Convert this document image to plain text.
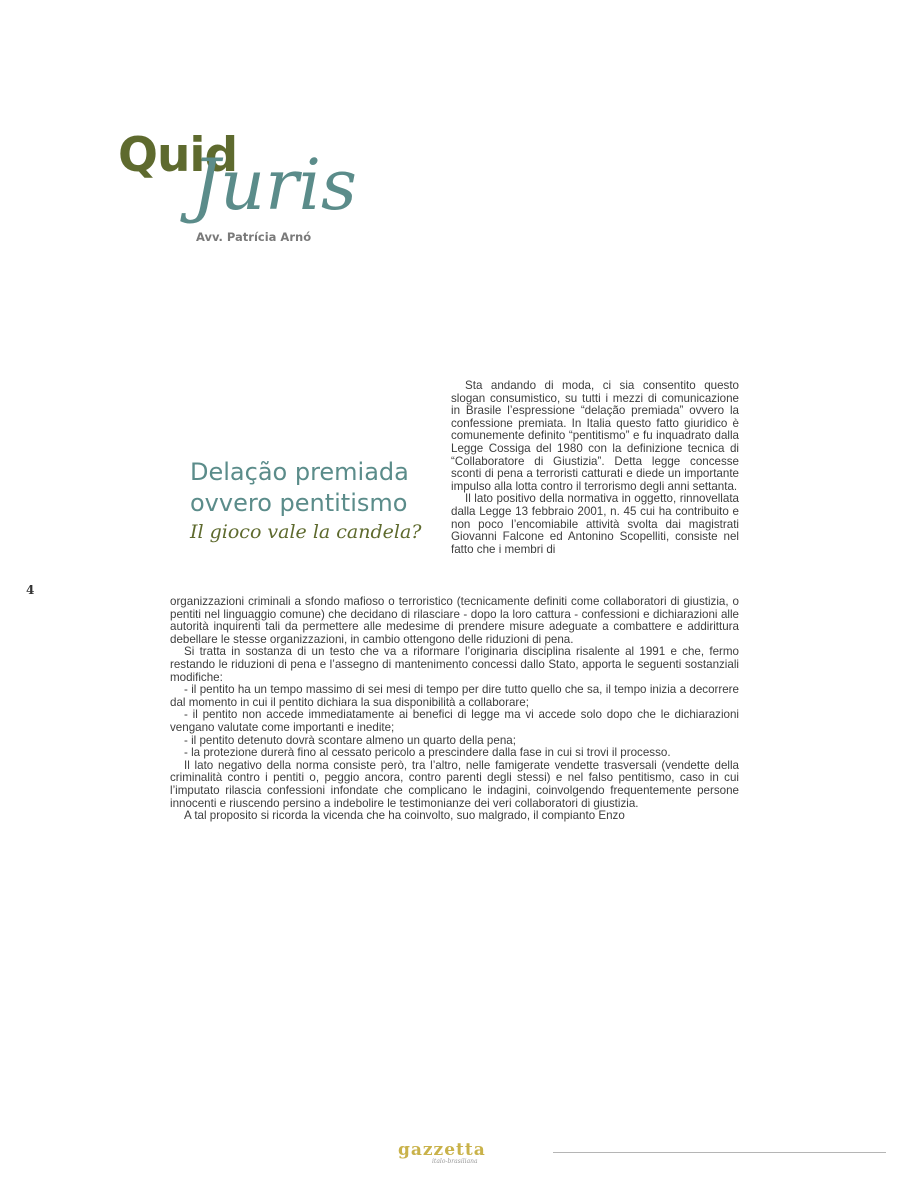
Quid
Juris
Avv. Patrícia Arnó
Delação premiada
ovvero pentitismo
Il gioco vale la candela?
4

Sta andando di moda, ci sia consentito questo slogan consumistico, su tutti i mezzi di comunicazione in Brasile l’espressione “delação premiada” ovvero la confessione premiata. In Italia questo fatto giuridico è comunemente definito “pentitismo” e fu inquadrato dalla Legge Cossiga del 1980 con la definizione tecnica di “Collaboratore di Giustizia”. Detta legge concesse sconti di pena a terroristi catturati e diede un importante impulso alla lotta contro il terrorismo degli anni settanta.

Il lato positivo della normativa in oggetto, rinnovellata dalla Legge 13 febbraio 2001, n. 45 cui ha contribuito e non poco l’encomiabile attività svolta dai magistrati Giovanni Falcone ed Antonino Scopelliti, consiste nel fatto che i membri di

organizzazioni criminali a sfondo mafioso o terroristico (tecnicamente definiti come collaboratori di giustizia, o pentiti nel linguaggio comune) che decidano di rilasciare - dopo la loro cattura - confessioni e dichiarazioni alle autorità inquirenti tali da permettere alle medesime di prendere misure adeguate a combattere e addirittura debellare le stesse organizzazioni, in cambio ottengono delle riduzioni di pena.

Si tratta in sostanza di un testo che va a riformare l’originaria disciplina risalente al 1991 e che, fermo restando le riduzioni di pena e l’assegno di mantenimento concessi dallo Stato, apporta le seguenti sostanziali modifiche:

- il pentito ha un tempo massimo di sei mesi di tempo per dire tutto quello che sa, il tempo inizia a decorrere dal momento in cui il pentito dichiara la sua disponibilità a collaborare;

- il pentito non accede immediatamente ai benefici di legge ma vi accede solo dopo che le dichiarazioni vengano valutate come importanti e inedite;

- il pentito detenuto dovrà scontare almeno un quarto della pena;

- la protezione durerà fino al cessato pericolo a prescindere dalla fase in cui si trovi il processo.

Il lato negativo della norma consiste però, tra l’altro, nelle famigerate vendette trasversali (vendette della criminalità contro i pentiti o, peggio ancora, contro parenti degli stessi) e nel falso pentitismo, caso in cui l’imputato rilascia confessioni infondate che complicano le indagini, coinvolgendo frequentemente persone innocenti e riuscendo persino a indebolire le testimonianze dei veri collaboratori di giustizia.

A tal proposito si ricorda la vicenda che ha coinvolto, suo malgrado, il compianto Enzo

gazzetta
italo-brasiliana
